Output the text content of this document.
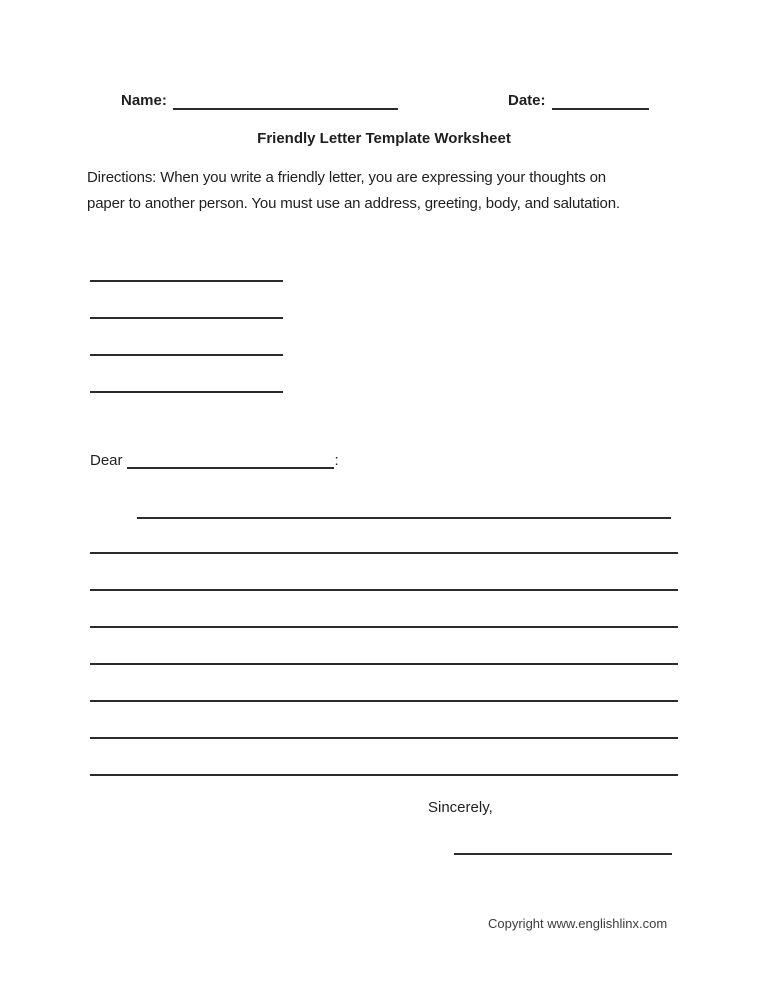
Name:	Date:
Friendly Letter Template Worksheet
Directions: When you write a friendly letter, you are expressing your thoughts on
paper to another person. You must use an address, greeting, body, and salutation.
Dear	:
Sincerely,
Copyright www.englishlinx.com
